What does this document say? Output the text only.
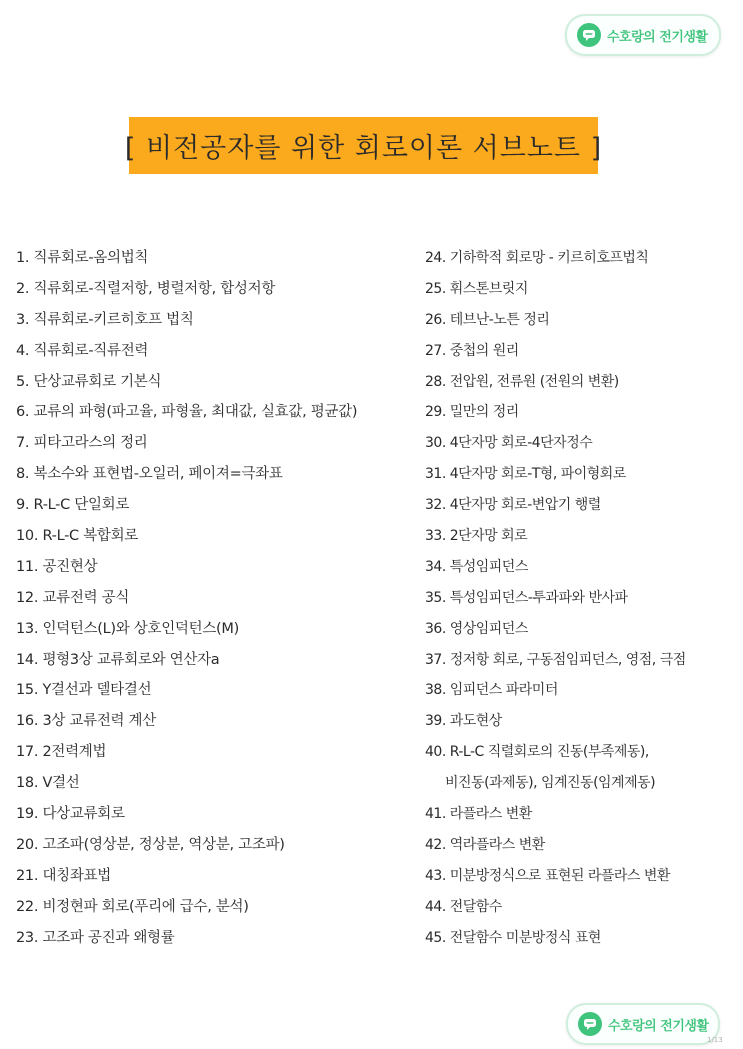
수호랑의 전기생활
[ 비전공자를 위한 회로이론 서브노트 ]
1. 직류회로-옴의법칙
2. 직류회로-직렬저항, 병렬저항, 합성저항
3. 직류회로-키르히호프 법칙
4. 직류회로-직류전력
5. 단상교류회로 기본식
6. 교류의 파형(파고율, 파형율, 최대값, 실효값, 평균값)
7. 피타고라스의 정리
8. 복소수와 표현법-오일러, 페이져=극좌표
9. R-L-C 단일회로
10. R-L-C 복합회로
11. 공진현상
12. 교류전력 공식
13. 인덕턴스(L)와 상호인덕턴스(M)
14. 평형3상 교류회로와 연산자a
15. Y결선과 델타결선
16. 3상 교류전력 계산
17. 2전력계법
18. V결선
19. 다상교류회로
20. 고조파(영상분, 정상분, 역상분, 고조파)
21. 대칭좌표법
22. 비정현파 회로(푸리에 급수, 분석)
23. 고조파 공진과 왜형률
24. 기하학적 회로망 - 키르히호프법칙
25. 휘스톤브릿지
26. 테브난-노튼 정리
27. 중첩의 원리
28. 전압원, 전류원 (전원의 변환)
29. 밀만의 정리
30. 4단자망 회로-4단자정수
31. 4단자망 회로-T형, 파이형회로
32. 4단자망 회로-변압기 행렬
33. 2단자망 회로
34. 특성임피던스
35. 특성임피던스-투과파와 반사파
36. 영상임피던스
37. 정저항 회로, 구동점임피던스, 영점, 극점
38. 임피던스 파라미터
39. 과도현상
40. R-L-C 직렬회로의 진동(부족제동),
비진동(과제동), 임계진동(임계제동)
41. 라플라스 변환
42. 역라플라스 변환
43. 미분방정식으로 표현된 라플라스 변환
44. 전달함수
45. 전달함수 미분방정식 표현
수호랑의 전기생활
1/13
